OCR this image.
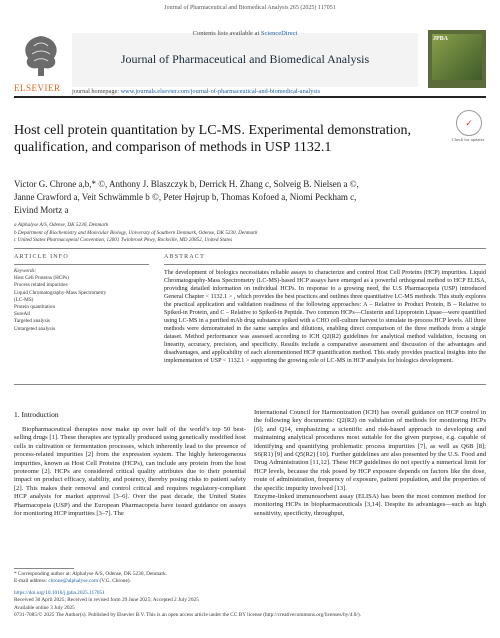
Journal of Pharmaceutical and Biomedical Analysis 265 (2025) 117051
ELSEVIER
Contents lists available at ScienceDirect
Journal of Pharmaceutical and Biomedical Analysis
JPBA
journal homepage: www.journals.elsevier.com/journal-of-pharmaceutical-and-biomedical-analysis
✓
Check for updates
Host cell protein quantitation by LC-MS. Experimental demonstration, qualification, and comparison of methods in USP 1132.1

Victor G. Chrone a,b,* ©, Anthony J. Blaszczyk b, Derrick H. Zhang c, Solveig B. Nielsen a ©,

Janne Crawford a, Veit Schwämmle b ©, Peter Højrup b, Thomas Kofoed a, Niomi Peckham c,

Eivind Mortz a

a Alphalyse A/S, Odense, DK 5230, Denmark

b Department of Biochemistry and Molecular Biology, University of Southern Denmark, Odense, DK 5230, Denmark

c United States Pharmacopeial Convention, 12601 Twinbrook Pkwy, Rockville, MD 20852, United States

ARTICLE INFO	ABSTRACT

Keywords:

Host Cell Proteins (HCPs)

Process related impurities

Liquid Chromatography-Mass Spectrometry

(LC-MS)

Protein quantitation

SureAll

Targeted analysis

Untargeted analysis

The development of biologics necessitates reliable assays to characterize and control Host Cell Proteins (HCP) impurities. Liquid Chromatography-Mass Spectrometry (LC-MS)-based HCP assays have emerged as a powerful orthogonal method to HCP ELISA, providing detailed information on individual HCPs. In response to a growing need, the U.S Pharmacopeia (USP) introduced General Chapter < 1132.1 > , which provides the best practices and outlines three quantitative LC-MS methods. This study explores the practical application and validation readiness of the following approaches: A – Relative to Product Protein, B – Relative to Spiked-in Protein, and C – Relative to Spiked-in Peptide. Two common HCPs—Clusterin and Lipoprotein Lipase—were quantified using LC-MS in a purified mAb drug substance spiked with a CHO cell-culture harvest to simulate in-process HCP levels. All three methods were demonstrated in the same samples and dilutions, enabling direct comparison of the three methods from a single dataset. Method performance was assessed according to ICH Q2(R2) guidelines for analytical method validation, focusing on linearity, accuracy, precision, and specificity. Results include a comparative assessment and discussion of the advantages and disadvantages, and applicability of each aforementioned HCP quantification method. This study provides practical insights into the implementation of USP < 1132.1 > supporting the growing role of LC-MS in HCP analysis for biologics development.
1. Introduction

Biopharmaceutical therapies now make up over half of the world’s top 50 best-selling drugs [1]. These therapies are typically produced using genetically modified host cells in cultivation or fermentation processes, which inherently lead to the presence of process-related impurities [2] from the expression system. The highly heterogeneous impurities, known as Host Cell Proteins (HCPs), can include any protein from the host proteome [2]. HCPs are considered critical quality attributes due to their potential impact on product efficacy, stability, and potency, thereby posing risks to patient safety [2]. This makes their removal and control critical and requires regulatory-compliant HCP analysis for market approval [3–6]. Over the past decade, the United States Pharmacopeia (USP) and the European Pharmacopeia have issued guidance on assays for monitoring HCP impurities [3–7]. The

International Council for Harmonization (ICH) has overall guidance on HCP control in the following key documents: Q2(R2) on validation of methods for monitoring HCPs [6]; and Q14, emphasizing a scientific and risk-based approach to developing and maintaining analytical procedures most suitable for the given purpose, e.g. capable of identifying and quantifying problematic process impurities [7], as well as Q6B [8]; S6(R1) [9] and Q5(R2) [10]. Further guidelines are also presented by the U.S. Food and Drug Administration [11,12]. These HCP guidelines do not specify a numerical limit for HCP levels, because the risk posed by HCP exposure depends on factors like the dose, route of administration, frequency of exposure, patient population, and the properties of the specific impurity involved [13].
Enzyme-linked immunosorbent assay (ELISA) has been the most common method for monitoring HCPs in biopharmaceuticals [3,14]. Despite its advantages—such as high sensitivity, specificity, throughput,

* Corresponding author at: Alphalyse A/S, Odense, DK 5230, Denmark.

E-mail address: chrone@alphalyse.com (V.G. Chrone).

https://doi.org/10.1016/j.jpba.2025.117051

Received 30 April 2025; Received in revised form 29 June 2025; Accepted 2 July 2025

Available online 3 July 2025

0731-7085/© 2025 The Author(s). Published by Elsevier B.V. This is an open access article under the CC BY license (http://creativecommons.org/licenses/by/4.0/).
